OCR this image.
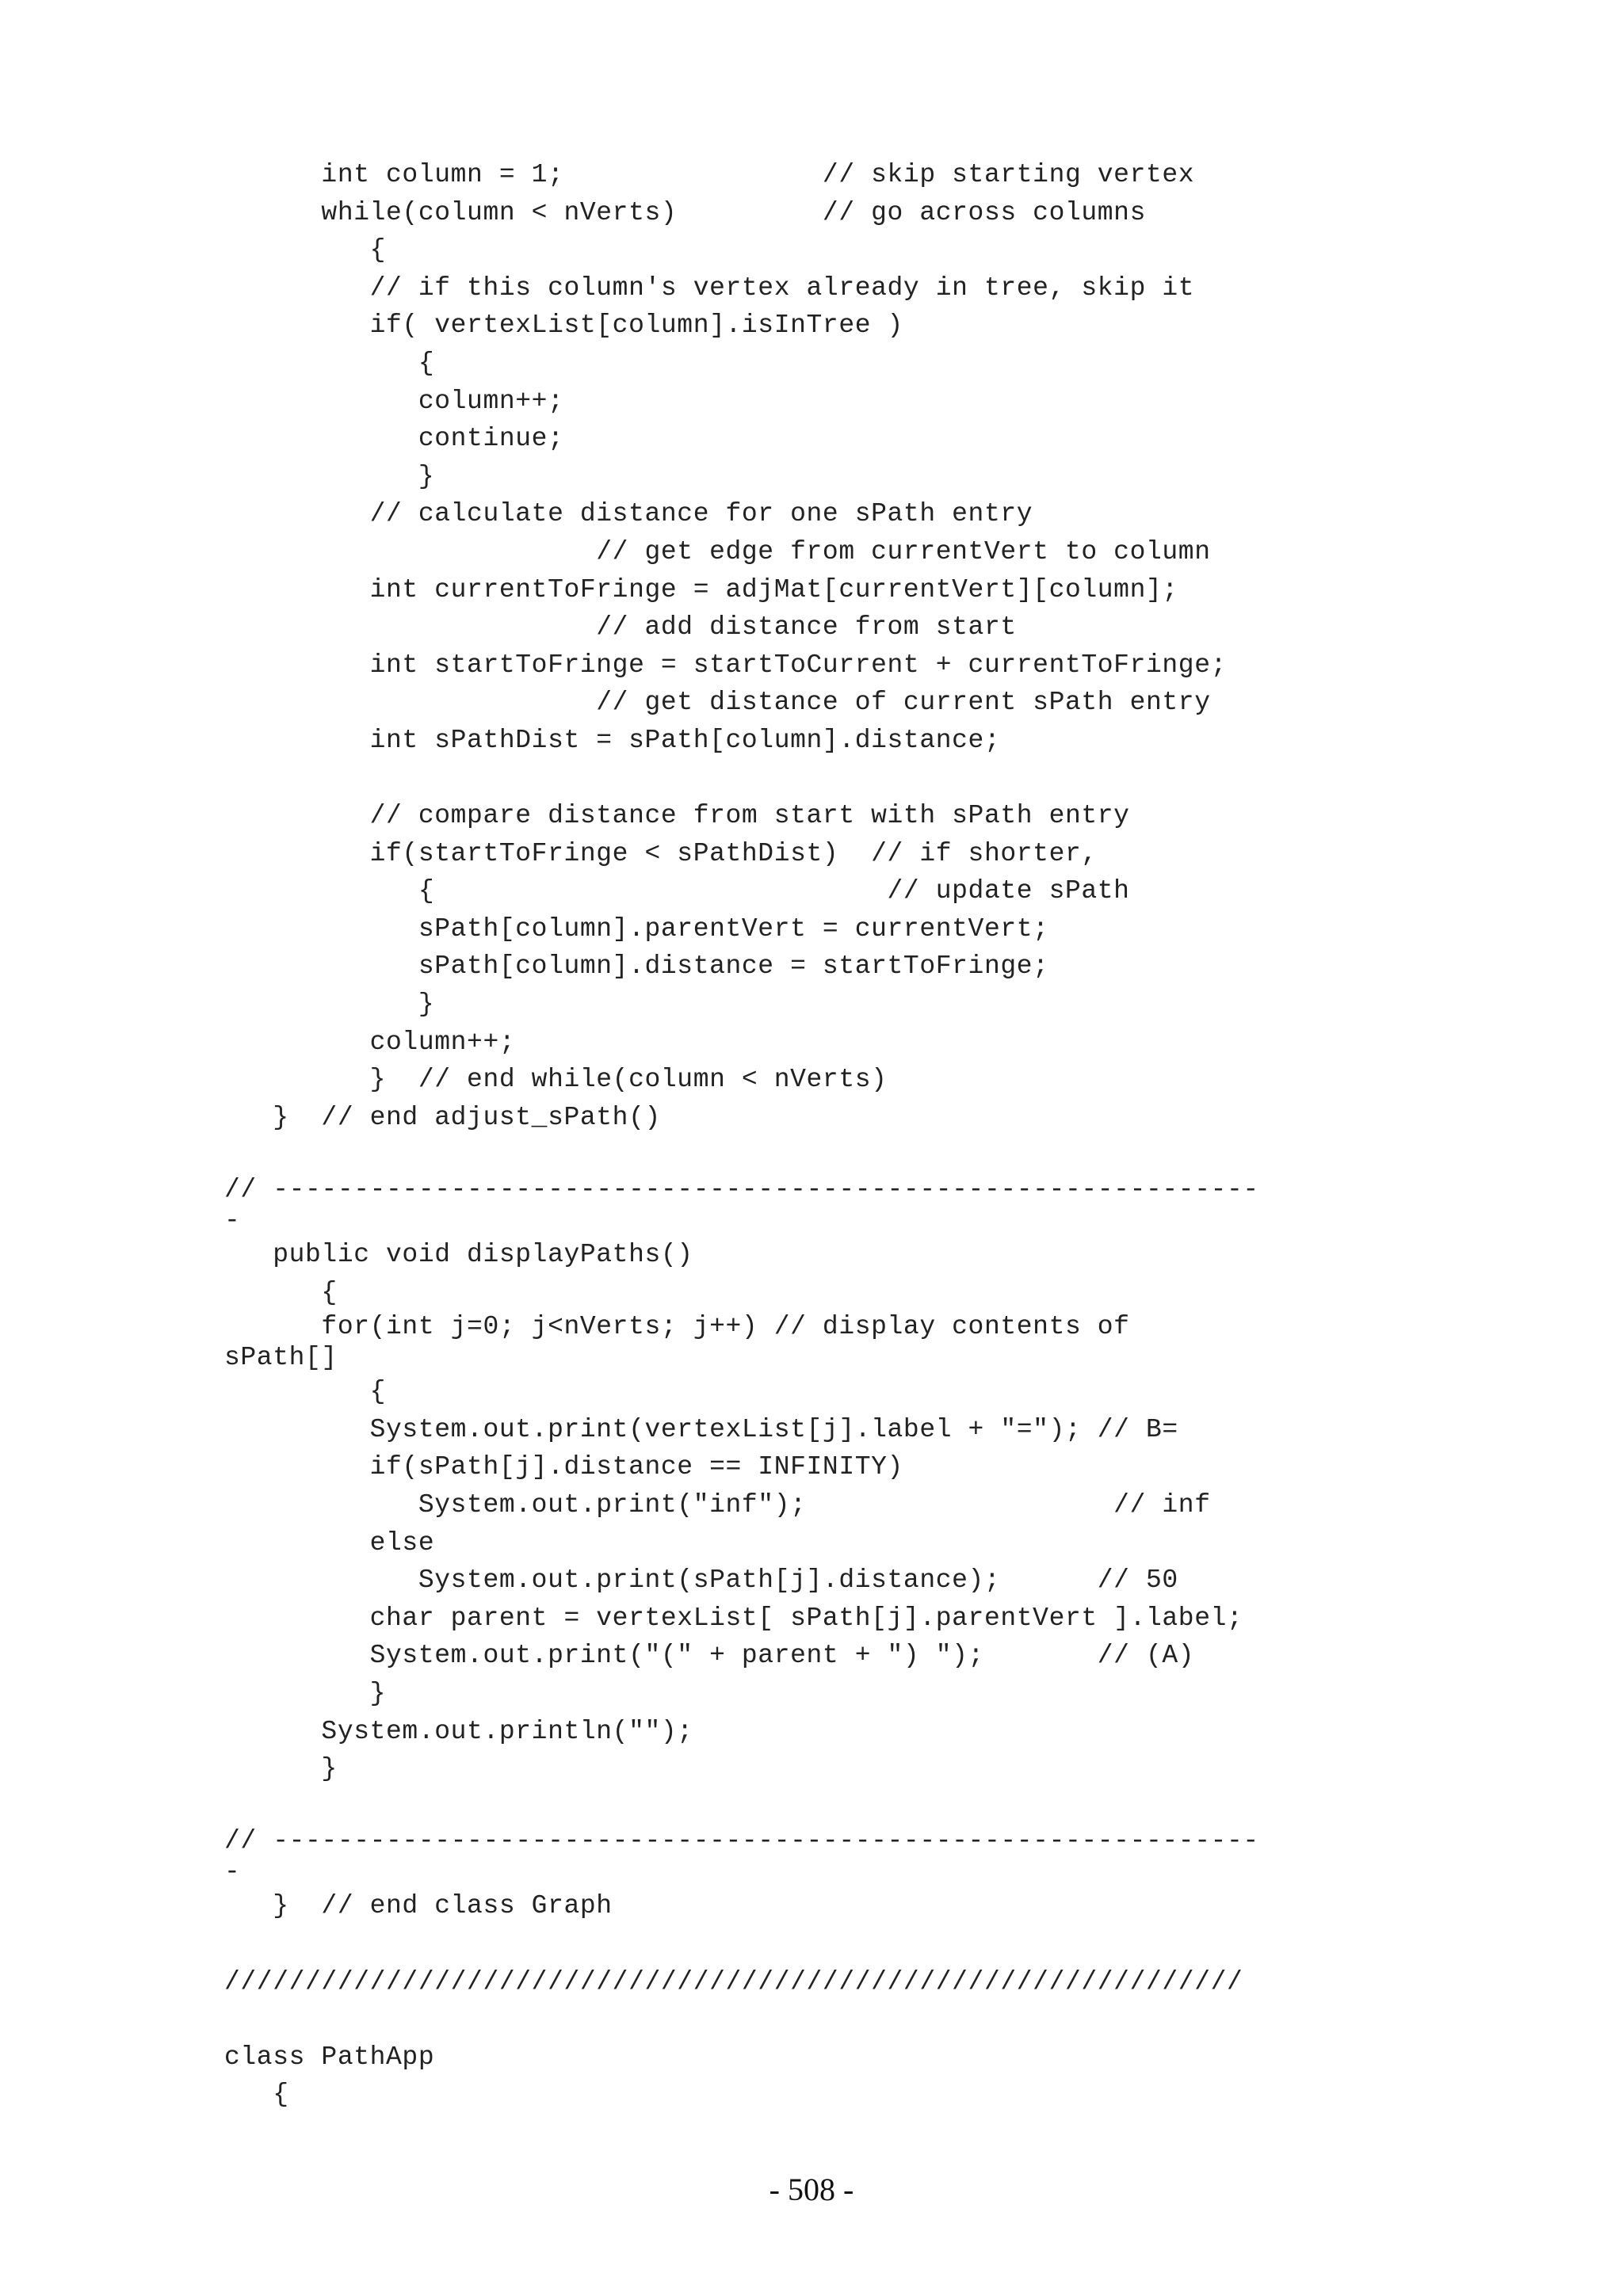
int column = 1;                // skip starting vertex
while(column < nVerts)         // go across columns
{
// if this column's vertex already in tree, skip it
if( vertexList[column].isInTree )
{
column++;
continue;
}
// calculate distance for one sPath entry
// get edge from currentVert to column
int currentToFringe = adjMat[currentVert][column];
// add distance from start
int startToFringe = startToCurrent + currentToFringe;
// get distance of current sPath entry
int sPathDist = sPath[column].distance;
// compare distance from start with sPath entry
if(startToFringe < sPathDist)  // if shorter,
{                            // update sPath
sPath[column].parentVert = currentVert;
sPath[column].distance = startToFringe;
}
column++;
}  // end while(column < nVerts)
}  // end adjust_sPath()
// -------------------------------------------------------------
-
public void displayPaths()
{
for(int j=0; j<nVerts; j++) // display contents of
sPath[]
{
System.out.print(vertexList[j].label + "="); // B=
if(sPath[j].distance == INFINITY)
System.out.print("inf");                   // inf
else
System.out.print(sPath[j].distance);      // 50
char parent = vertexList[ sPath[j].parentVert ].label;
System.out.print("(" + parent + ") ");       // (A)
}
System.out.println("");
}
// -------------------------------------------------------------
-
}  // end class Graph
///////////////////////////////////////////////////////////////
class PathApp
{
- 508 -
